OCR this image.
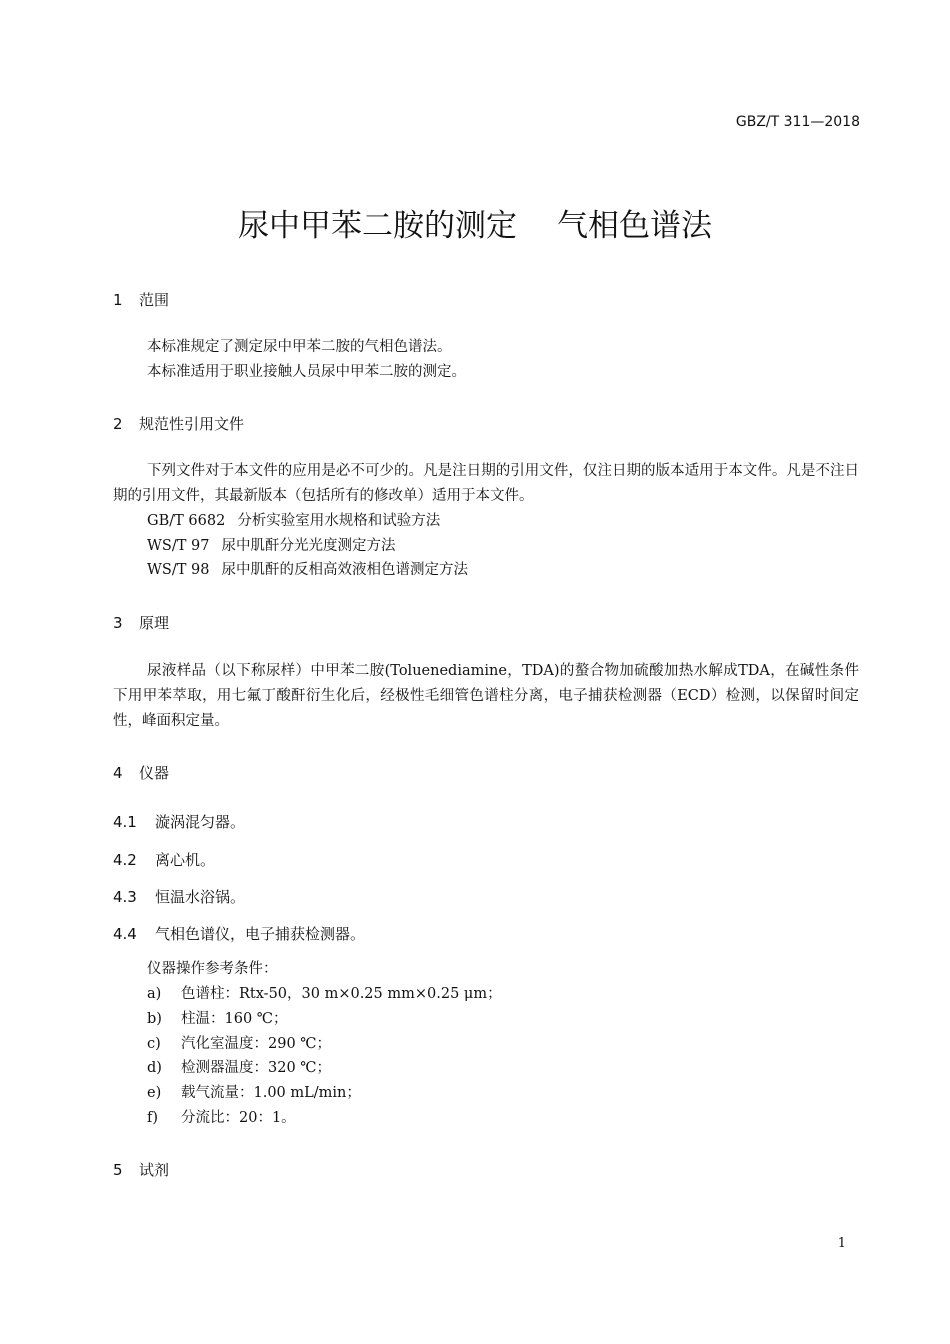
GBZ/T 311—2018
尿中甲苯二胺的测定 气相色谱法
1 范围
本标准规定了测定尿中甲苯二胺的气相色谱法。
本标准适用于职业接触人员尿中甲苯二胺的测定。
2 规范性引用文件
下列文件对于本文件的应用是必不可少的。凡是注日期的引用文件，仅注日期的版本适用于本文件。凡是不注日期的引用文件，其最新版本（包括所有的修改单）适用于本文件。
GB/T 6682 分析实验室用水规格和试验方法
WS/T 97 尿中肌酐分光光度测定方法
WS/T 98 尿中肌酐的反相高效液相色谱测定方法
3 原理
尿液样品（以下称尿样）中甲苯二胺(Toluenediamine，TDA)的螯合物加硫酸加热水解成TDA，在碱性条件下用甲苯萃取，用七氟丁酸酐衍生化后，经极性毛细管色谱柱分离，电子捕获检测器（ECD）检测，以保留时间定性，峰面积定量。
4 仪器
4.1 漩涡混匀器。
4.2 离心机。
4.3 恒温水浴锅。
4.4 气相色谱仪，电子捕获检测器。
仪器操作参考条件：
a) 色谱柱：Rtx-50，30 m×0.25 mm×0.25 μm；
b) 柱温：160 ℃；
c) 汽化室温度：290 ℃；
d) 检测器温度：320 ℃；
e) 载气流量：1.00 mL/min；
f) 分流比：20：1。
5 试剂
1
